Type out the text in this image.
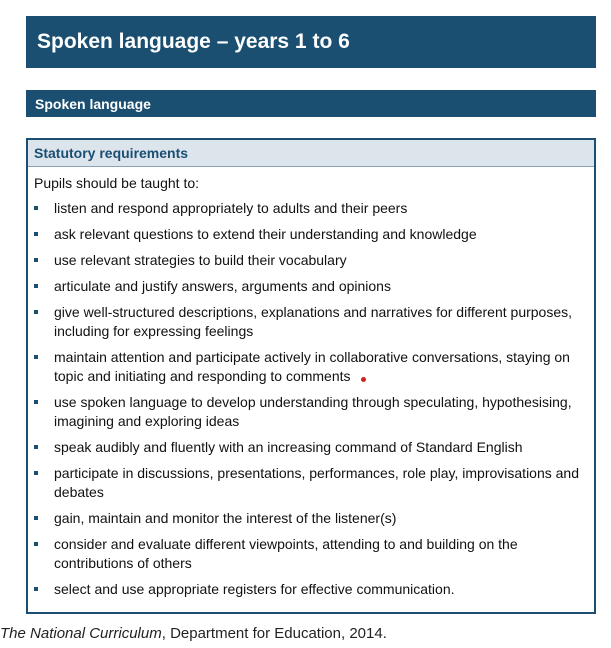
Spoken language – years 1 to 6
Spoken language
Statutory requirements
Pupils should be taught to:
listen and respond appropriately to adults and their peers
ask relevant questions to extend their understanding and knowledge
use relevant strategies to build their vocabulary
articulate and justify answers, arguments and opinions
give well-structured descriptions, explanations and narratives for different purposes, including for expressing feelings
maintain attention and participate actively in collaborative conversations, staying on topic and initiating and responding to comments
use spoken language to develop understanding through speculating, hypothesising, imagining and exploring ideas
speak audibly and fluently with an increasing command of Standard English
participate in discussions, presentations, performances, role play, improvisations and debates
gain, maintain and monitor the interest of the listener(s)
consider and evaluate different viewpoints, attending to and building on the contributions of others
select and use appropriate registers for effective communication.
The National Curriculum, Department for Education, 2014.
